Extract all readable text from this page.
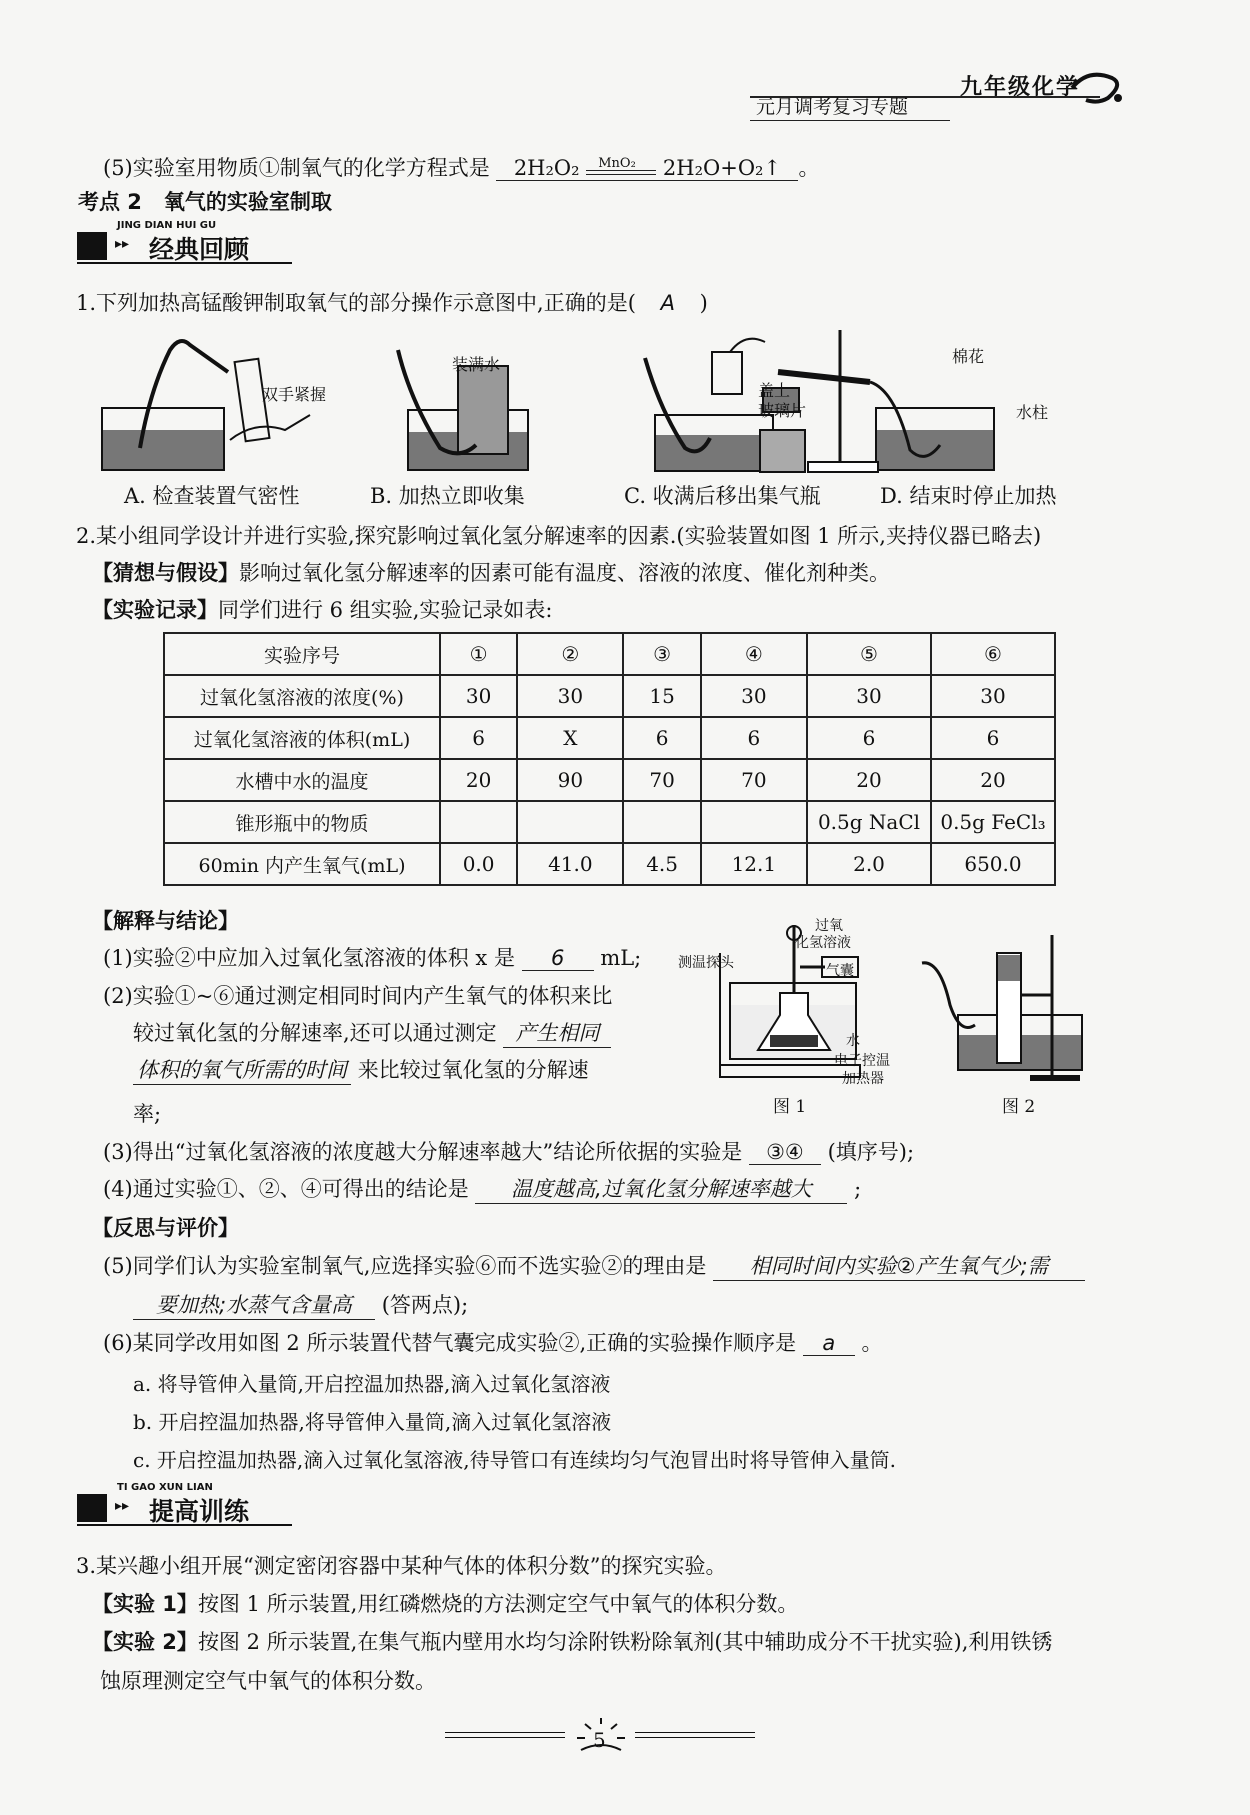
九年级化学
元月调考复习专题
(5)实验室用物质①制氧气的化学方程式是 2H₂O₂ MnO₂ 2H₂O+O₂↑ 。
考点 2 氧气的实验室制取
JING DIAN HUI GU
▸▸ 经典回顾
1.下列加热高锰酸钾制取氧气的部分操作示意图中,正确的是( A )
双手紧握
装满水
盖上
玻璃片
棉花
水柱
A. 检查装置气密性	B. 加热立即收集	C. 收满后移出集气瓶	D. 结束时停止加热
2.某小组同学设计并进行实验,探究影响过氧化氢分解速率的因素.(实验装置如图 1 所示,夹持仪器已略去)
【猜想与假设】影响过氧化氢分解速率的因素可能有温度、溶液的浓度、催化剂种类。
【实验记录】同学们进行 6 组实验,实验记录如表:
实验序号	①	②	③	④	⑤	⑥
过氧化氢溶液的浓度(%)	30	30	15	30	30	30
过氧化氢溶液的体积(mL)	6	X	6	6	6	6
水槽中水的温度	20	90	70	70	20	20
锥形瓶中的物质					0.5g NaCl	0.5g FeCl₃
60min 内产生氧气(mL)	0.0	41.0	4.5	12.1	2.0	650.0
【解释与结论】
(1)实验②中应加入过氧化氢溶液的体积 x 是 6 mL;
(2)实验①~⑥通过测定相同时间内产生氧气的体积来比
较过氧化氢的分解速率,还可以通过测定 产生相同
体积的氧气所需的时间 来比较过氧化氢的分解速
率;
过氧
化氢溶液
测温探头	气囊
水
电子控温
加热器
图 1	图 2
(3)得出“过氧化氢溶液的浓度越大分解速率越大”结论所依据的实验是 ③④ (填序号);
(4)通过实验①、②、④可得出的结论是 温度越高,过氧化氢分解速率越大 ;
【反思与评价】
(5)同学们认为实验室制氧气,应选择实验⑥而不选实验②的理由是 相同时间内实验②产生氧气少;需
要加热;水蒸气含量高 (答两点);
(6)某同学改用如图 2 所示装置代替气囊完成实验②,正确的实验操作顺序是 a 。
a. 将导管伸入量筒,开启控温加热器,滴入过氧化氢溶液
b. 开启控温加热器,将导管伸入量筒,滴入过氧化氢溶液
c. 开启控温加热器,滴入过氧化氢溶液,待导管口有连续均匀气泡冒出时将导管伸入量筒.
TI GAO XUN LIAN
▸▸ 提高训练
3.某兴趣小组开展“测定密闭容器中某种气体的体积分数”的探究实验。
【实验 1】按图 1 所示装置,用红磷燃烧的方法测定空气中氧气的体积分数。
【实验 2】按图 2 所示装置,在集气瓶内壁用水均匀涂附铁粉除氧剂(其中辅助成分不干扰实验),利用铁锈
蚀原理测定空气中氧气的体积分数。
5
